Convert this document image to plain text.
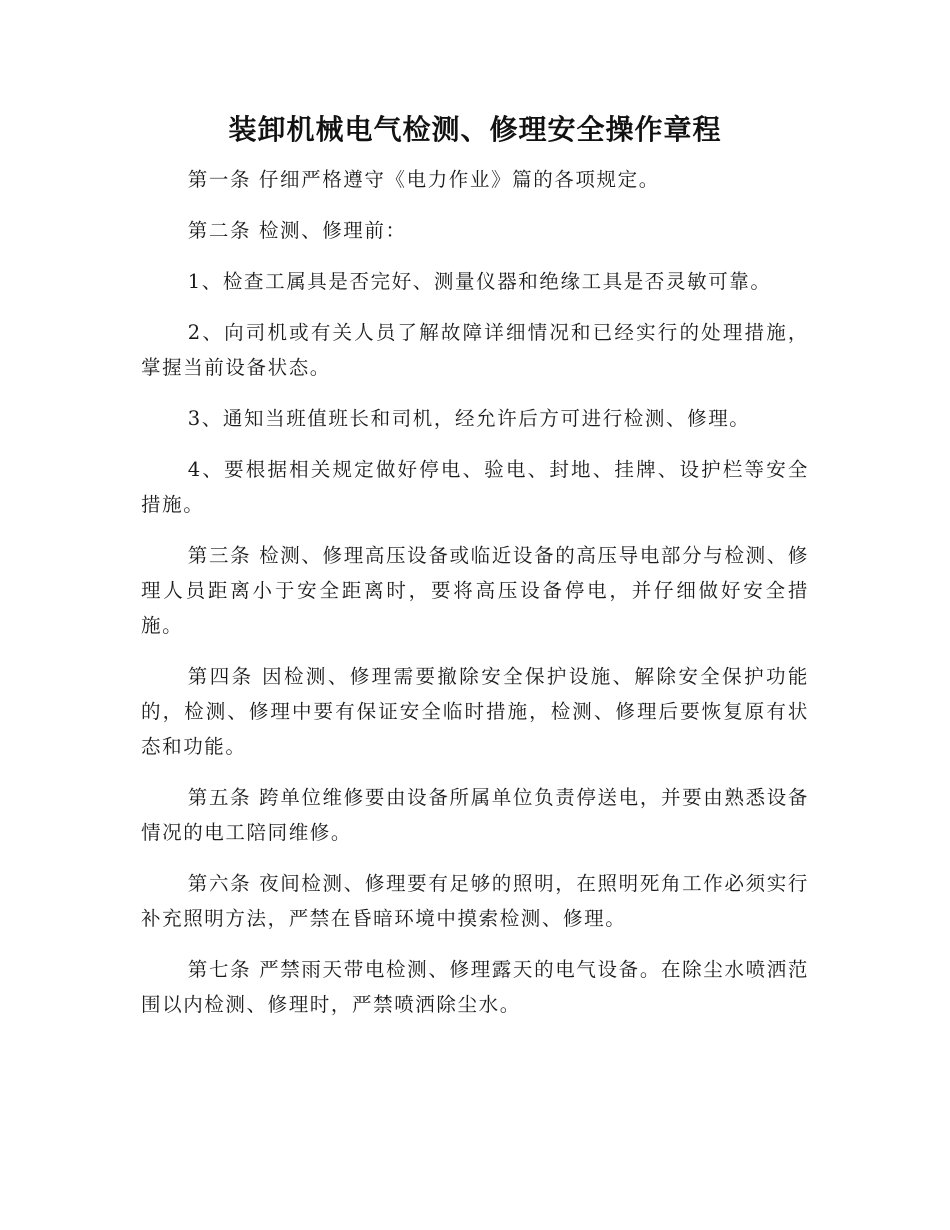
装卸机械电气检测、修理安全操作章程

第一条 仔细严格遵守《电力作业》篇的各项规定。

第二条 检测、修理前：

1、检查工属具是否完好、测量仪器和绝缘工具是否灵敏可靠。

2、向司机或有关人员了解故障详细情况和已经实行的处理措施，掌握当前设备状态。

3、通知当班值班长和司机，经允许后方可进行检测、修理。

4、要根据相关规定做好停电、验电、封地、挂牌、设护栏等安全措施。

第三条 检测、修理高压设备或临近设备的高压导电部分与检测、修理人员距离小于安全距离时，要将高压设备停电，并仔细做好安全措施。

第四条 因检测、修理需要撤除安全保护设施、解除安全保护功能的，检测、修理中要有保证安全临时措施，检测、修理后要恢复原有状态和功能。

第五条 跨单位维修要由设备所属单位负责停送电，并要由熟悉设备情况的电工陪同维修。

第六条 夜间检测、修理要有足够的照明，在照明死角工作必须实行补充照明方法，严禁在昏暗环境中摸索检测、修理。

第七条 严禁雨天带电检测、修理露天的电气设备。在除尘水喷洒范围以内检测、修理时，严禁喷洒除尘水。
